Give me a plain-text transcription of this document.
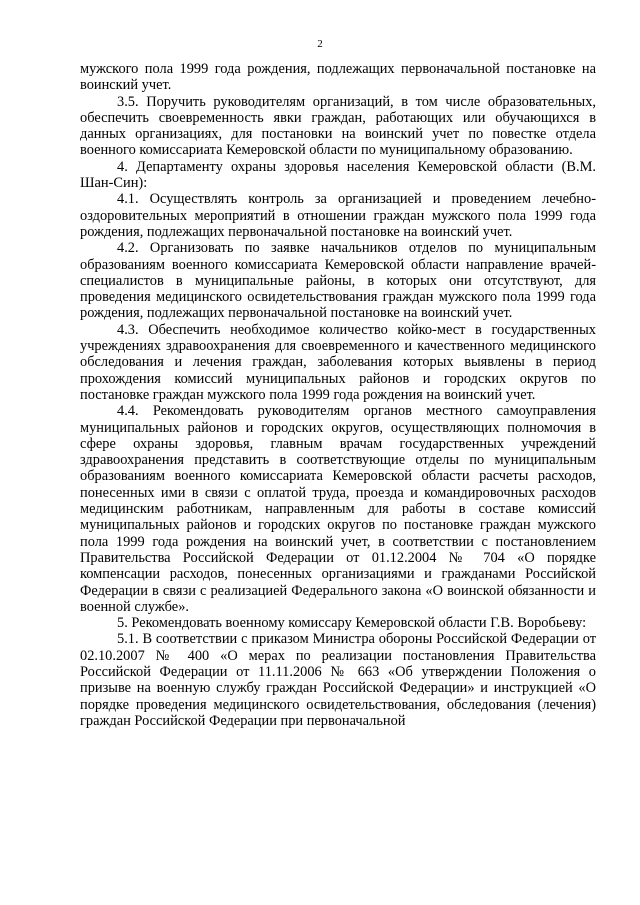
2

мужского пола 1999 года рождения, подлежащих первоначальной постановке на воинский учет.

3.5. Поручить руководителям организаций, в том числе образовательных, обеспечить своевременность явки граждан, работающих или обучающихся в данных организациях, для постановки на воинский учет по повестке отдела военного комиссариата Кемеровской области по муниципальному образованию.

4. Департаменту охраны здоровья населения Кемеровской области (В.М. Шан-Син):

4.1. Осуществлять контроль за организацией и проведением лечебно-оздоровительных мероприятий в отношении граждан мужского пола 1999 года рождения, подлежащих первоначальной постановке на воинский учет.

4.2. Организовать по заявке начальников отделов по муниципальным образованиям военного комиссариата Кемеровской области направление врачей-специалистов в муниципальные районы, в которых они отсутствуют, для проведения медицинского освидетельствования граждан мужского пола 1999 года рождения, подлежащих первоначальной постановке на воинский учет.

4.3. Обеспечить необходимое количество койко-мест в государственных учреждениях здравоохранения для своевременного и качественного медицинского обследования и лечения граждан, заболевания которых выявлены в период прохождения комиссий муниципальных районов и городских округов по постановке граждан мужского пола 1999 года рождения на воинский учет.

4.4. Рекомендовать руководителям органов местного самоуправления муниципальных районов и городских округов, осуществляющих полномочия в сфере охраны здоровья, главным врачам государственных учреждений здравоохранения представить в соответствующие отделы по муниципальным образованиям военного комиссариата Кемеровской области расчеты расходов, понесенных ими в связи с оплатой труда, проезда и командировочных расходов медицинским работникам, направленным для работы в составе комиссий муниципальных районов и городских округов по постановке граждан мужского пола 1999 года рождения на воинский учет, в соответствии с постановлением Правительства Российской Федерации от 01.12.2004 № 704 «О порядке компенсации расходов, понесенных организациями и гражданами Российской Федерации в связи с реализацией Федерального закона «О воинской обязанности и военной службе».

5. Рекомендовать военному комиссару Кемеровской области Г.В. Воробьеву:

5.1. В соответствии с приказом Министра обороны Российской Федерации от 02.10.2007 № 400 «О мерах по реализации постановления Правительства Российской Федерации от 11.11.2006 № 663 «Об утверждении Положения о призыве на военную службу граждан Российской Федерации» и инструкцией «О порядке проведения медицинского освидетельствования, обследования (лечения) граждан Российской Федерации при первоначальной
